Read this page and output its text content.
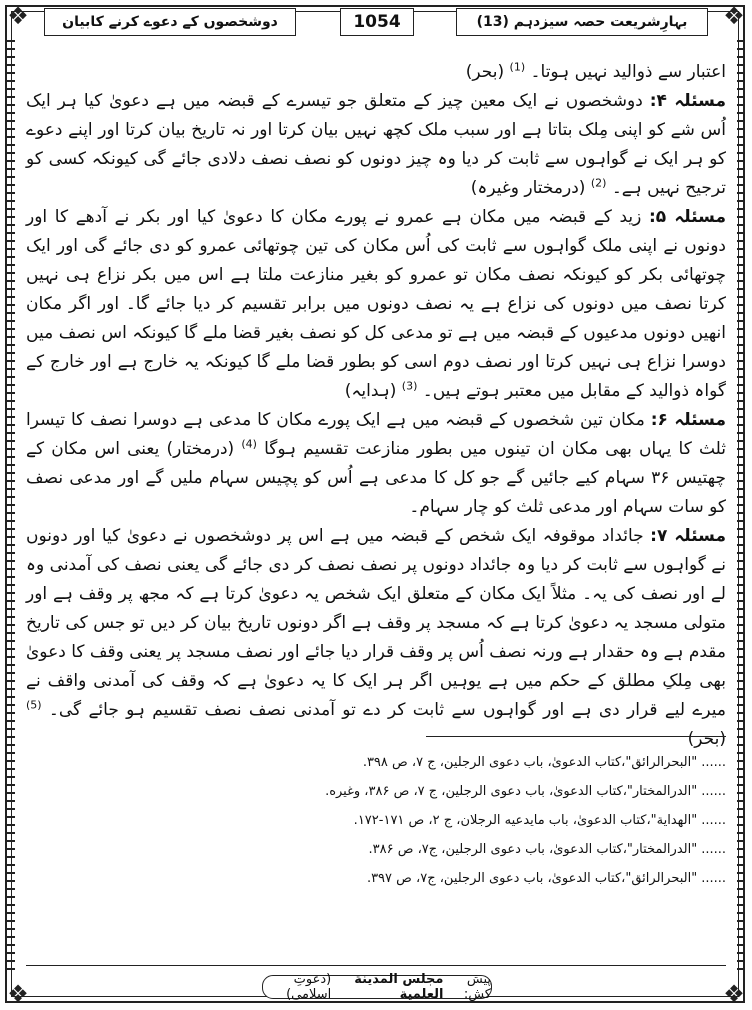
❖	❖
❖	❖
بہارِشریعت حصہ سیزدہم (13)
1054
دوشخصوں کے دعوے کرنے کابیان

اعتبار سے ذوالید نہیں ہوتا۔ $^{(1)}$ (بحر)

مسئلہ ۴: دوشخصوں نے ایک معین چیز کے متعلق جو تیسرے کے قبضہ میں ہے دعویٰ کیا ہر ایک اُس شے کو اپنی مِلک بتاتا ہے اور سبب ملک کچھ نہیں بیان کرتا اور نہ تاریخ بیان کرتا اور اپنے دعوے کو ہر ایک نے گواہوں سے ثابت کر دیا وہ چیز دونوں کو نصف نصف دلادی جائے گی کیونکہ کسی کو ترجیح نہیں ہے۔ $^{(2)}$ (درمختار وغیرہ)

مسئلہ ۵: زید کے قبضہ میں مکان ہے عمرو نے پورے مکان کا دعویٰ کیا اور بکر نے آدھے کا اور دونوں نے اپنی ملک گواہوں سے ثابت کی اُس مکان کی تین چوتھائی عمرو کو دی جائے گی اور ایک چوتھائی بکر کو کیونکہ نصف مکان تو عمرو کو بغیر منازعت ملتا ہے اس میں بکر نزاع ہی نہیں کرتا نصف میں دونوں کی نزاع ہے یہ نصف دونوں میں برابر تقسیم کر دیا جائے گا۔ اور اگر مکان انھیں دونوں مدعیوں کے قبضہ میں ہے تو مدعی کل کو نصف بغیر قضا ملے گا کیونکہ اس نصف میں دوسرا نزاع ہی نہیں کرتا اور نصف دوم اسی کو بطور قضا ملے گا کیونکہ یہ خارج ہے اور خارج کے گواہ ذوالید کے مقابل میں معتبر ہوتے ہیں۔ $^{(3)}$ (ہدایہ)

مسئلہ ۶: مکان تین شخصوں کے قبضہ میں ہے ایک پورے مکان کا مدعی ہے دوسرا نصف کا تیسرا ثلث کا یہاں بھی مکان ان تینوں میں بطور منازعت تقسیم ہوگا $^{(4)}$ (درمختار) یعنی اس مکان کے چھتیس ۳۶ سہام کیے جائیں گے جو کل کا مدعی ہے اُس کو پچیس سہام ملیں گے اور مدعی نصف کو سات سہام اور مدعی ثلث کو چار سہام۔

مسئلہ ۷: جائداد موقوفہ ایک شخص کے قبضہ میں ہے اس پر دوشخصوں نے دعویٰ کیا اور دونوں نے گواہوں سے ثابت کر دیا وہ جائداد دونوں پر نصف نصف کر دی جائے گی یعنی نصف کی آمدنی وہ لے اور نصف کی یہ۔ مثلاً ایک مکان کے متعلق ایک شخص یہ دعویٰ کرتا ہے کہ مجھ پر وقف ہے اور متولی مسجد یہ دعویٰ کرتا ہے کہ مسجد پر وقف ہے اگر دونوں تاریخ بیان کر دیں تو جس کی تاریخ مقدم ہے وہ حقدار ہے ورنہ نصف اُس پر وقف قرار دیا جائے اور نصف مسجد پر یعنی وقف کا دعویٰ بھی مِلکِ مطلق کے حکم میں ہے یوہیں اگر ہر ایک کا یہ دعویٰ ہے کہ وقف کی آمدنی واقف نے میرے لیے قرار دی ہے اور گواہوں سے ثابت کر دے تو آمدنی نصف نصف تقسیم ہو جائے گی۔ $^{(5)}$ (بحر)

......
"البحرالرائق"،كتاب الدعوىٰ، باب دعوى الرجلين، ج ۷، ص ۳۹۸.
......
"الدرالمختار"،كتاب الدعوىٰ، باب دعوى الرجلين، ج ۷، ص ۳۸۶، وغيره.
......
"الهداية"،كتاب الدعوىٰ، باب مايدعيه الرجلان، ج ۲، ص ۱۷۱-۱۷۲.
......
"الدرالمختار"،كتاب الدعوىٰ، باب دعوى الرجلين، ج۷، ص ۳۸۶.
......
"البحرالرائق"،كتاب الدعوىٰ، باب دعوى الرجلين، ج۷، ص ۳۹۷.
پیش کش:
مجلس المدينة العلمية
(دعوتِ اسلامی)
